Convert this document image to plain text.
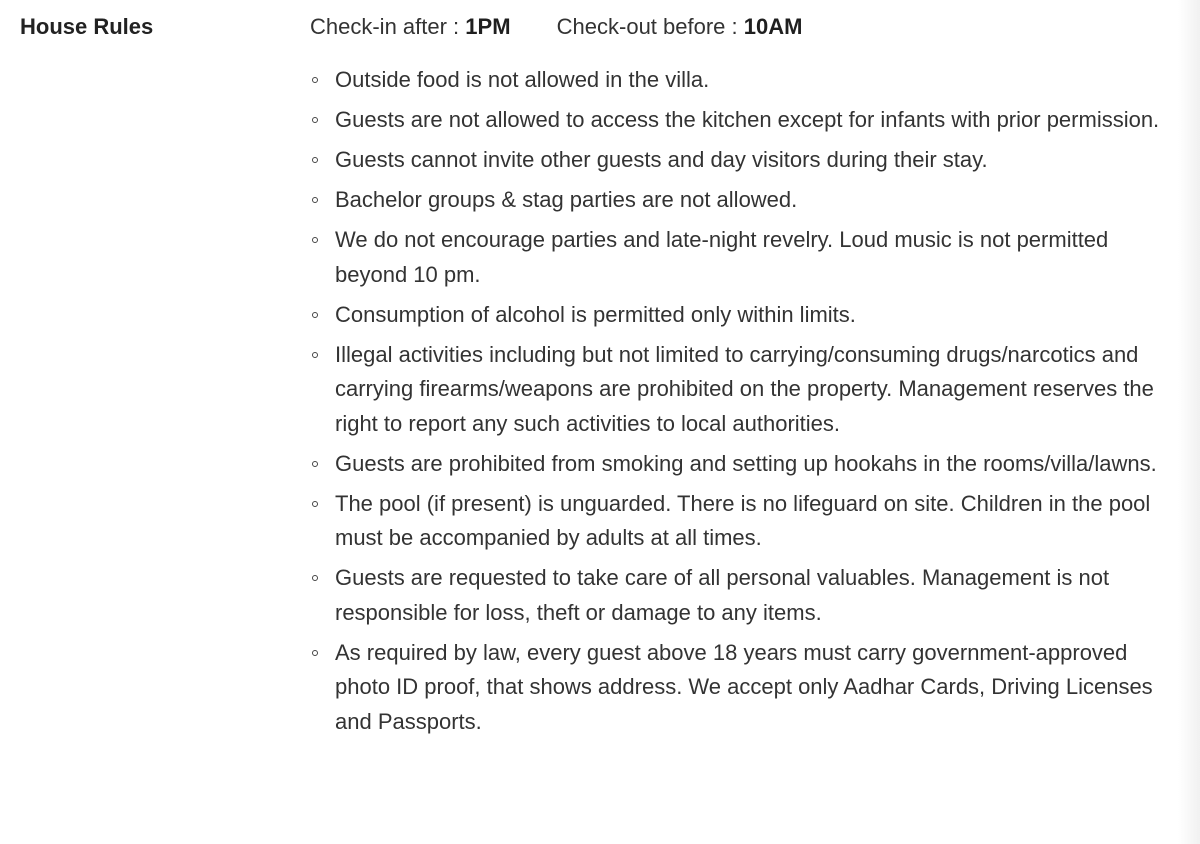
House Rules	Check-in after : 1PM Check-out before : 10AM
Outside food is not allowed in the villa.
Guests are not allowed to access the kitchen except for infants with prior permission.
Guests cannot invite other guests and day visitors during their stay.
Bachelor groups & stag parties are not allowed.
We do not encourage parties and late-night revelry. Loud music is not permitted beyond 10 pm.
Consumption of alcohol is permitted only within limits.
Illegal activities including but not limited to carrying/consuming drugs/narcotics and carrying firearms/weapons are prohibited on the property. Management reserves the right to report any such activities to local authorities.
Guests are prohibited from smoking and setting up hookahs in the rooms/villa/lawns.
The pool (if present) is unguarded. There is no lifeguard on site. Children in the pool must be accompanied by adults at all times.
Guests are requested to take care of all personal valuables. Management is not responsible for loss, theft or damage to any items.
As required by law, every guest above 18 years must carry government-approved photo ID proof, that shows address. We accept only Aadhar Cards, Driving Licenses and Passports.
